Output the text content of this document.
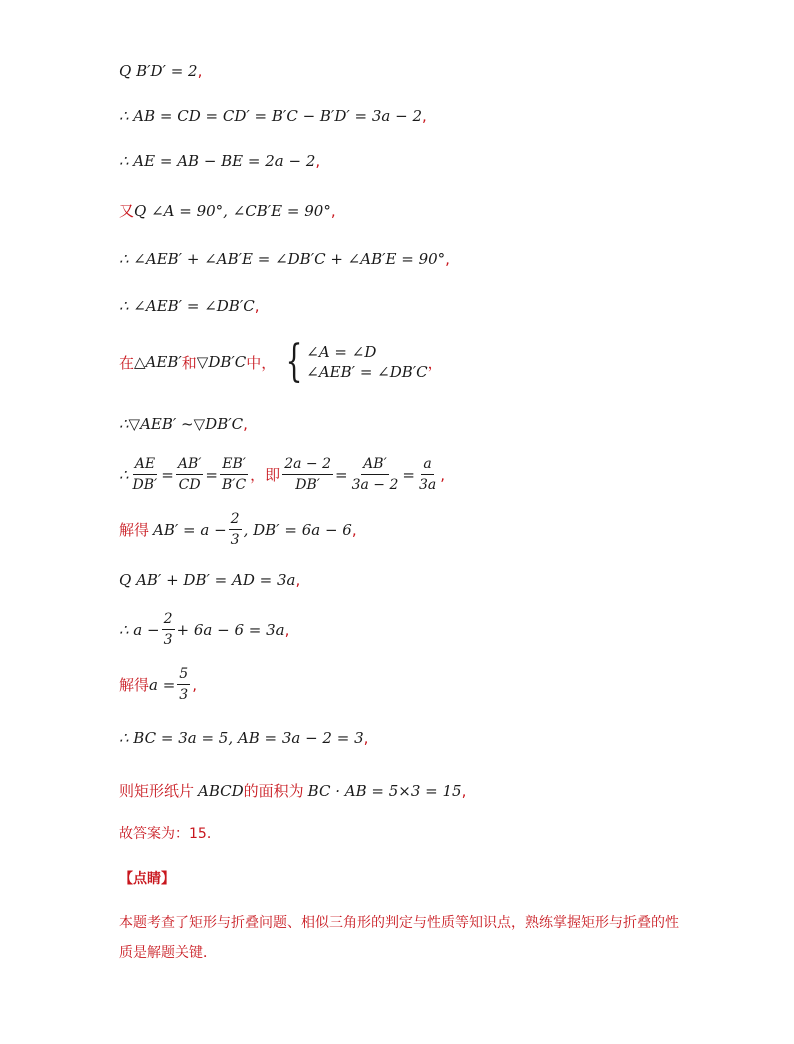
Q B′D′ = 2 ,
∴ AB = CD = CD′ = B′C − B′D′ = 3a − 2 ,
∴ AE = AB − BE = 2a − 2 ,
又 Q ∠A = 90°, ∠CB′E = 90° ,
∴ ∠AEB′ + ∠AB′E = ∠DB′C + ∠AB′E = 90° ,
∴ ∠AEB′ = ∠DB′C ,
在 △AEB′ 和 ▽DB′C 中， { ∠A = ∠D
∠AEB′ = ∠DB′C
，
∴▽AEB′ ~▽DB′C ,
∴ $\frac{AE}{DB'} = \frac{AB'}{CD} = \frac{EB'}{B'C}$ ，即 $\frac{2a - 2}{DB'} = \frac{AB'}{3a - 2} = \frac{a}{3a}$ ,
解得 $AB' = a - \frac{2}{3}$ , DB′ = 6a − 6 ,
Q AB′ + DB′ = AD = 3a ,
∴ $a - \frac{2}{3} + 6a - 6 = 3a$ ,
解得 $a = \frac{5}{3}$ ,
∴ BC = 3a = 5, AB = 3a − 2 = 3 ,
则矩形纸片 ABCD 的面积为 BC · AB = 5×3 = 15 ,
故答案为：15．
【点睛】
本题考查了矩形与折叠问题、相似三角形的判定与性质等知识点，熟练掌握矩形与折叠的性质是解题关键．
